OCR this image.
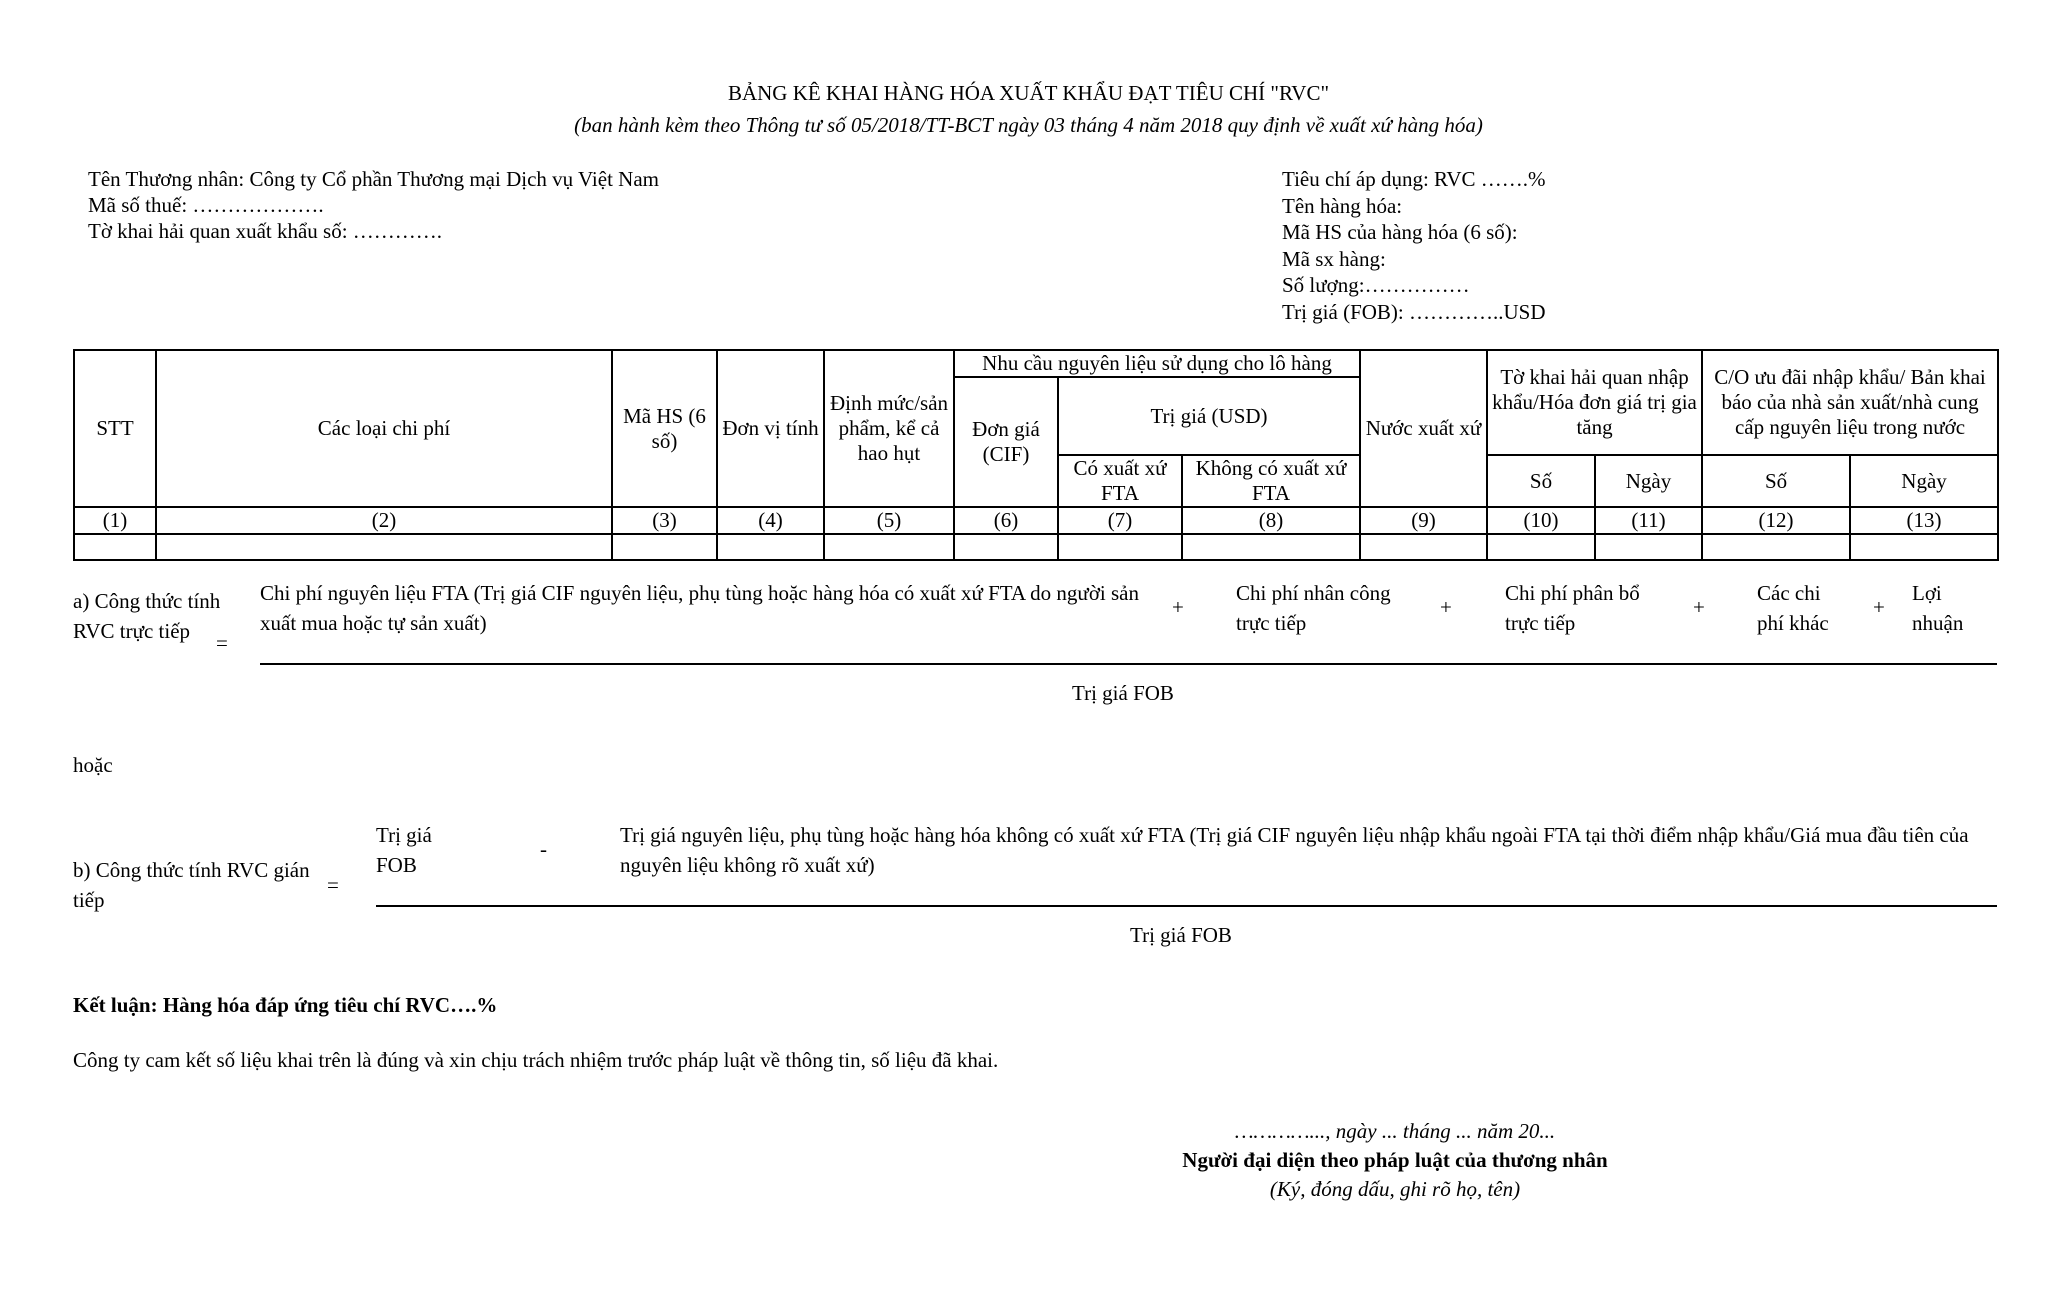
BẢNG KÊ KHAI HÀNG HÓA XUẤT KHẨU ĐẠT TIÊU CHÍ "RVC"
(ban hành kèm theo Thông tư số 05/2018/TT-BCT ngày 03 tháng 4 năm 2018 quy định về xuất xứ hàng hóa)
Tên Thương nhân: Công ty Cổ phần Thương mại Dịch vụ Việt Nam
Mã số thuế: ……………….
Tờ khai hải quan xuất khẩu số: ………….
Tiêu chí áp dụng: RVC …….%
Tên hàng hóa:
Mã HS của hàng hóa (6 số):
Mã sx hàng:
Số lượng:……………
Trị giá (FOB): …………..USD
STT	Các loại chi phí	Mã HS (6 số)	Đơn vị tính	Định mức/sản phẩm, kể cả hao hụt	Nhu cầu nguyên liệu sử dụng cho lô hàng			Nước xuất xứ	Tờ khai hải quan nhập khẩu/Hóa đơn giá trị gia tăng		C/O ưu đãi nhập khẩu/ Bản khai báo của nhà sản xuất/nhà cung cấp nguyên liệu trong nước	
					Đơn giá (CIF)	Trị giá (USD)						
						Có xuất xứ FTA	Không có xuất xứ FTA		Số	Ngày	Số	Ngày
(1)	(2)	(3)	(4)	(5)	(6)	(7)	(8)	(9)	(10)	(11)	(12)	(13)

a) Công thức tính RVC trực tiếp	=
Chi phí nguyên liệu FTA (Trị giá CIF nguyên liệu, phụ tùng hoặc hàng hóa có xuất xứ FTA do người sản xuất mua hoặc tự sản xuất)
+
Chi phí nhân công trực tiếp
+
Chi phí phân bổ trực tiếp
+
Các chi phí khác
+
Lợi nhuận
Trị giá FOB
hoặc
b) Công thức tính RVC gián tiếp
=
Trị giá FOB
-
Trị giá nguyên liệu, phụ tùng hoặc hàng hóa không có xuất xứ FTA (Trị giá CIF nguyên liệu nhập khẩu ngoài FTA tại thời điểm nhập khẩu/Giá mua đầu tiên của nguyên liệu không rõ xuất xứ)
Trị giá FOB
Kết luận: Hàng hóa đáp ứng tiêu chí RVC….%
Công ty cam kết số liệu khai trên là đúng và xin chịu trách nhiệm trước pháp luật về thông tin, số liệu đã khai.
…………..., ngày ... tháng ... năm 20...
Người đại diện theo pháp luật của thương nhân
(Ký, đóng dấu, ghi rõ họ, tên)
